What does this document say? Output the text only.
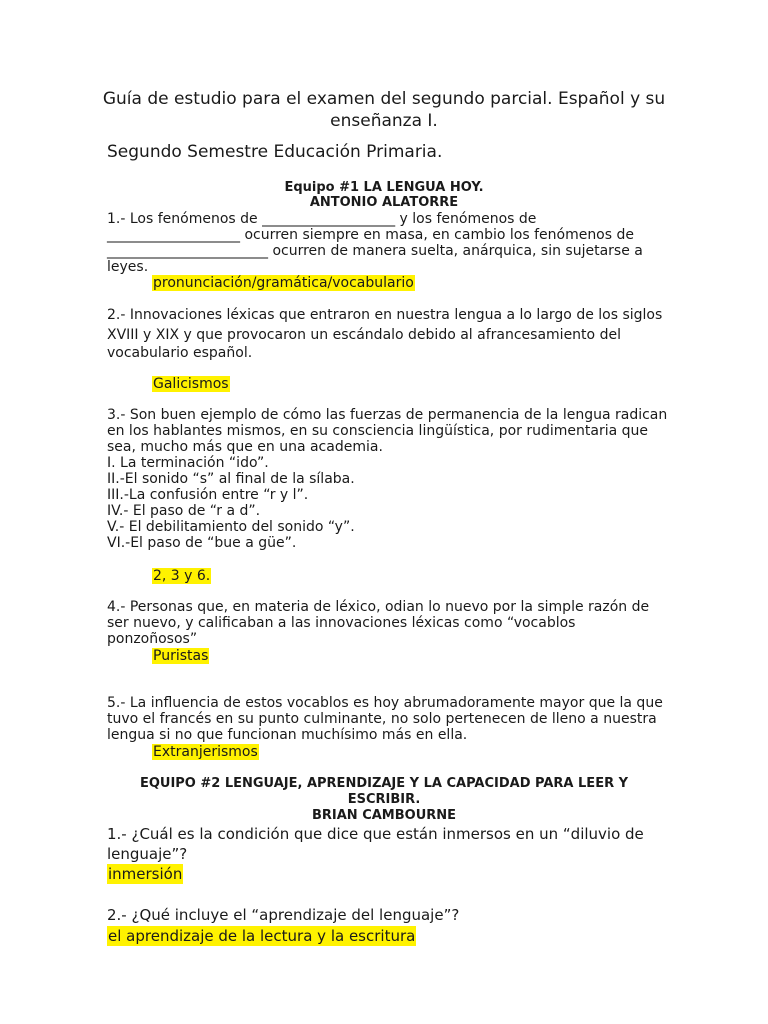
Guía de estudio para el examen del segundo parcial. Español y su
enseñanza I.
Segundo Semestre Educación Primaria.
Equipo #1 LA LENGUA HOY.
ANTONIO ALATORRE
1.- Los fenómenos de ___________________ y los fenómenos de
___________________ ocurren siempre en masa, en cambio los fenómenos de
_______________________ ocurren de manera suelta, anárquica, sin sujetarse a
leyes.
pronunciación/gramática/vocabulario
2.- Innovaciones léxicas que entraron en nuestra lengua a lo largo de los siglos
XVIII y XIX y que provocaron un escándalo debido al afrancesamiento del
vocabulario español.
Galicismos
3.- Son buen ejemplo de cómo las fuerzas de permanencia de la lengua radican
en los hablantes mismos, en su consciencia lingüística, por rudimentaria que
sea, mucho más que en una academia.
I. La terminación “ido”.
II.-El sonido “s” al final de la sílaba.
III.-La confusión entre “r y l”.
IV.- El paso de “r a d”.
V.- El debilitamiento del sonido “y”.
VI.-El paso de “bue a güe”.
2, 3 y 6.
4.- Personas que, en materia de léxico, odian lo nuevo por la simple razón de
ser nuevo, y calificaban a las innovaciones léxicas como “vocablos
ponzoñosos”
Puristas
5.- La influencia de estos vocablos es hoy abrumadoramente mayor que la que
tuvo el francés en su punto culminante, no solo pertenecen de lleno a nuestra
lengua si no que funcionan muchísimo más en ella.
Extranjerismos
EQUIPO #2 LENGUAJE, APRENDIZAJE Y LA CAPACIDAD PARA LEER Y
ESCRIBIR.
BRIAN CAMBOURNE
1.- ¿Cuál es la condición que dice que están inmersos en un “diluvio de
lenguaje”?
inmersión
2.- ¿Qué incluye el “aprendizaje del lenguaje”?
el aprendizaje de la lectura y la escritura
